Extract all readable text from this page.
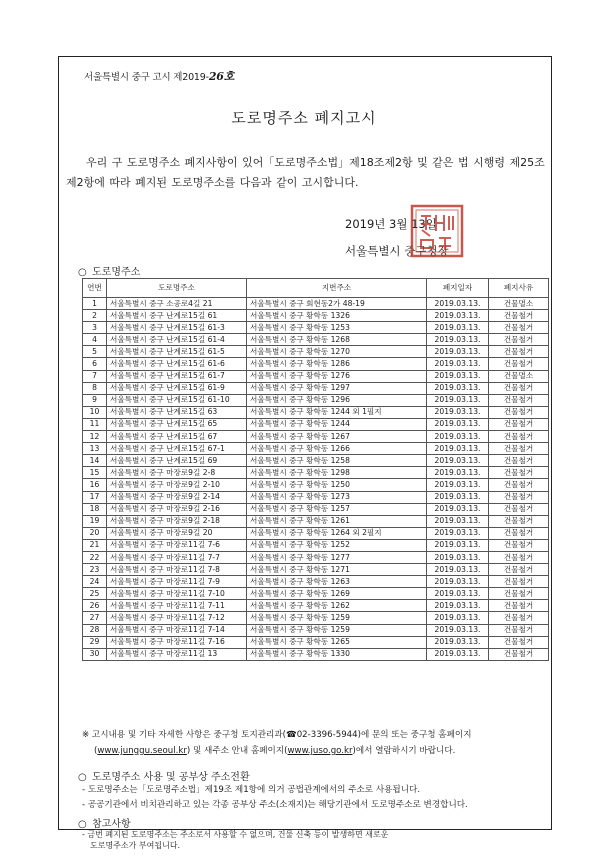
서울특별시 중구 고시 제2019-26호
도로명주소 폐지고시
우리 구 도로명주소 폐지사항이 있어「도로명주소법」제18조제2항 및 같은 법 시행령 제25조제2항에 따라 폐지된 도로명주소를 다음과 같이 고시합니다.
2019년 3월 13일
서울특별시 중구청장
○ 도로명주소
연번	도로명주소	지번주소	폐지일자	폐지사유
1	서울특별시 중구 소공로4길 21	서울특별시 중구 회현동2가 48-19	2019.03.13.	건물멸소
2	서울특별시 중구 난계로15길 61	서울특별시 중구 황학동 1326	2019.03.13.	건물철거
3	서울특별시 중구 난계로15길 61-3	서울특별시 중구 황학동 1253	2019.03.13.	건물철거
4	서울특별시 중구 난계로15길 61-4	서울특별시 중구 황학동 1268	2019.03.13.	건물철거
5	서울특별시 중구 난계로15길 61-5	서울특별시 중구 황학동 1270	2019.03.13.	건물철거
6	서울특별시 중구 난계로15길 61-6	서울특별시 중구 황학동 1286	2019.03.13.	건물철거
7	서울특별시 중구 난계로15길 61-7	서울특별시 중구 황학동 1276	2019.03.13.	건물멸소
8	서울특별시 중구 난계로15길 61-9	서울특별시 중구 황학동 1297	2019.03.13.	건물철거
9	서울특별시 중구 난계로15길 61-10	서울특별시 중구 황학동 1296	2019.03.13.	건물철거
10	서울특별시 중구 난계로15길 63	서울특별시 중구 황학동 1244 외 1필지	2019.03.13.	건물철거
11	서울특별시 중구 난계로15길 65	서울특별시 중구 황학동 1244	2019.03.13.	건물철거
12	서울특별시 중구 난계로15길 67	서울특별시 중구 황학동 1267	2019.03.13.	건물철거
13	서울특별시 중구 난계로15길 67-1	서울특별시 중구 황학동 1266	2019.03.13.	건물철거
14	서울특별시 중구 난계로15길 69	서울특별시 중구 황학동 1258	2019.03.13.	건물철거
15	서울특별시 중구 마장로9길 2-8	서울특별시 중구 황학동 1298	2019.03.13.	건물철거
16	서울특별시 중구 마장로9길 2-10	서울특별시 중구 황학동 1250	2019.03.13.	건물철거
17	서울특별시 중구 마장로9길 2-14	서울특별시 중구 황학동 1273	2019.03.13.	건물철거
18	서울특별시 중구 마장로9길 2-16	서울특별시 중구 황학동 1257	2019.03.13.	건물철거
19	서울특별시 중구 마장로9길 2-18	서울특별시 중구 황학동 1261	2019.03.13.	건물철거
20	서울특별시 중구 마장로9길 20	서울특별시 중구 황학동 1264 외 2필지	2019.03.13.	건물철거
21	서울특별시 중구 마장로11길 7-6	서울특별시 중구 황학동 1252	2019.03.13.	건물철거
22	서울특별시 중구 마장로11길 7-7	서울특별시 중구 황학동 1277	2019.03.13.	건물철거
23	서울특별시 중구 마장로11길 7-8	서울특별시 중구 황학동 1271	2019.03.13.	건물철거
24	서울특별시 중구 마장로11길 7-9	서울특별시 중구 황학동 1263	2019.03.13.	건물철거
25	서울특별시 중구 마장로11길 7-10	서울특별시 중구 황학동 1269	2019.03.13.	건물철거
26	서울특별시 중구 마장로11길 7-11	서울특별시 중구 황학동 1262	2019.03.13.	건물철거
27	서울특별시 중구 마장로11길 7-12	서울특별시 중구 황학동 1259	2019.03.13.	건물철거
28	서울특별시 중구 마장로11길 7-14	서울특별시 중구 황학동 1259	2019.03.13.	건물철거
29	서울특별시 중구 마장로11길 7-16	서울특별시 중구 황학동 1265	2019.03.13.	건물철거
30	서울특별시 중구 마장로11길 13	서울특별시 중구 황학동 1330	2019.03.13.	건물철거
※ 고시내용 및 기타 자세한 사항은 중구청 토지관리과(☎02-3396-5944)에 문의 또는 중구청 홈페이지
(www.junggu.seoul.kr) 및 새주소 안내 홈페이지(www.juso.go.kr)에서 열람하시기 바랍니다.
○ 도로명주소 사용 및 공부상 주소전환
- 도로명주소는「도로명주소법」제19조 제1항에 의거 공법관계에서의 주소로 사용됩니다.
- 공공기관에서 비치관리하고 있는 각종 공부상 주소(소재지)는 해당기관에서 도로명주소로 변경합니다.
○ 참고사항
- 금번 폐지된 도로명주소는 주소로서 사용할 수 없으며, 건물 신축 등이 발생하면 새로운
도로명주소가 부여됩니다.
